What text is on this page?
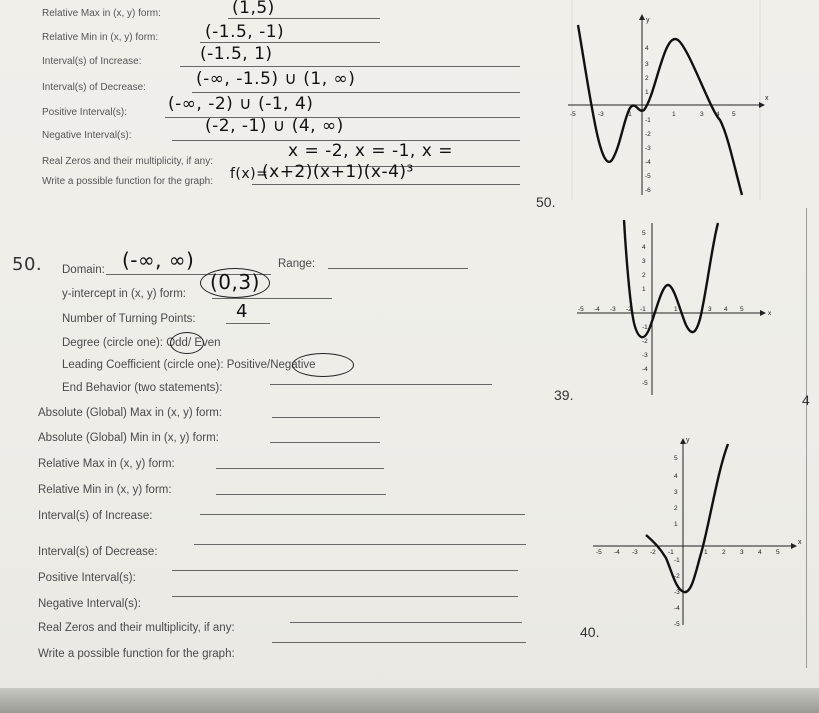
Relative Max in (x, y) form:	(1,5)
Relative Min in (x, y) form:	(-1.5, -1)
Interval(s) of Increase:	(-1.5, 1)
Interval(s) of Decrease:	(-∞, -1.5) ∪ (1, ∞)
Positive Interval(s): (-∞, -2) ∪ (-1, 4)
Negative Interval(s):	(-2, -1) ∪ (4, ∞)
Real Zeros and their multiplicity, if any:
x = -2, x = -1, x =
Write a possible function for the graph: f(x)=
(x+2)(x+1)(x-4)³
50.
y
x
-5	-3	-1	1	3 4 5
4
3
2
1
-1
-2
-3
-4
-5
-6
50. Domain: (-∞, ∞)	Range:
y-intercept in (x, y) form: (0,3)
Number of Turning Points: 4
Degree (circle one): Odd/ Even
Leading Coefficient (circle one): Positive/Negative
End Behavior (two statements):	39.
x
-5 -4 -3 -2 -1	1	3 4 5
5
4
3
2
1
-1
-2
-3
-4
-5
4
Absolute (Global) Max in (x, y) form:
Absolute (Global) Min in (x, y) form:
Relative Max in (x, y) form:
Relative Min in (x, y) form:
Interval(s) of Increase:
Interval(s) of Decrease:
Positive Interval(s):
Negative Interval(s):
Real Zeros and their multiplicity, if any:
Write a possible function for the graph:
40.
y
x
-5 -4 -3 -2 -1	1 2 3 4 5
5
4
3
2
1
-1
-2
-3
-4
-5
